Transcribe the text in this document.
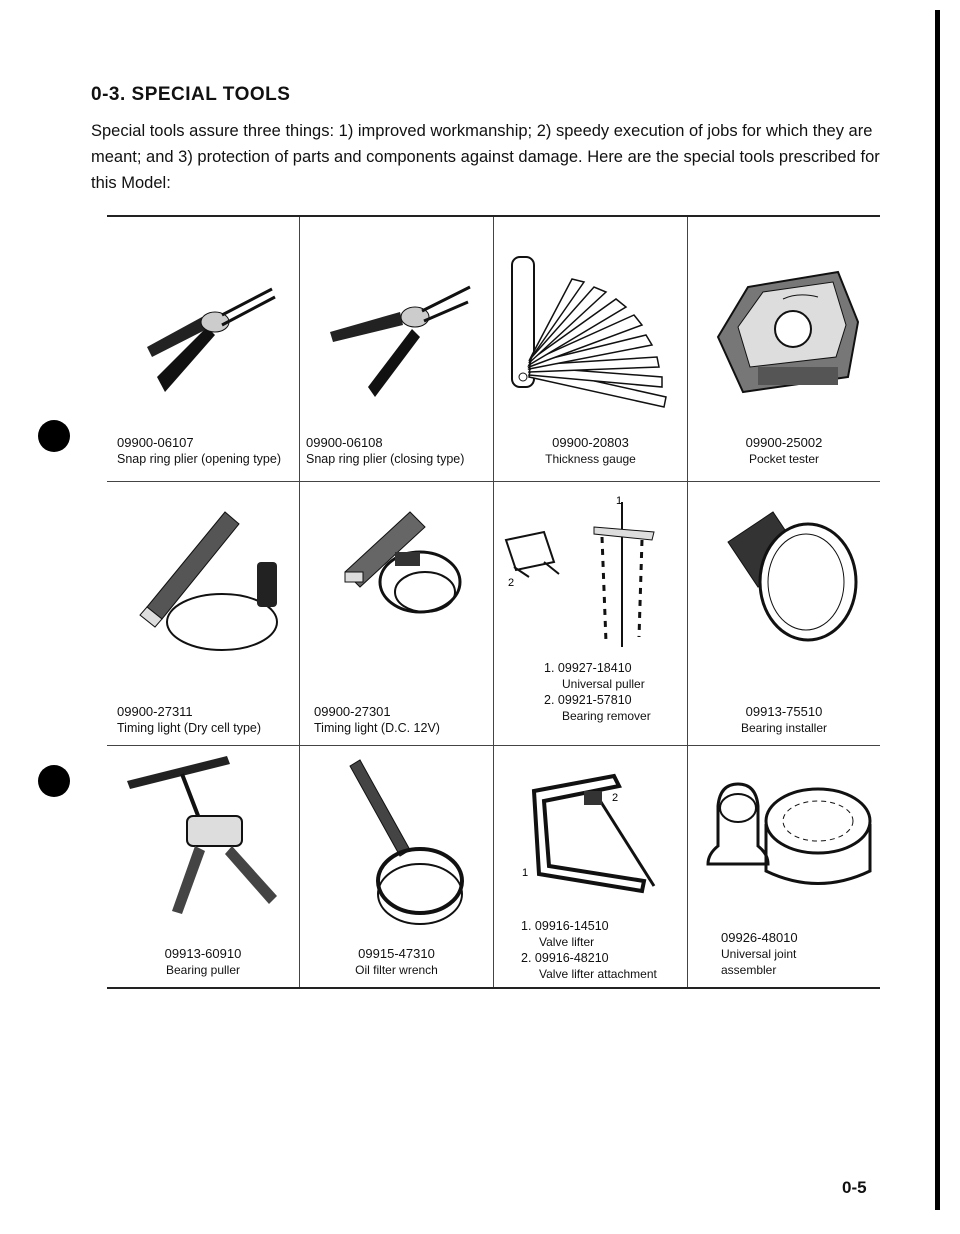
0-3. SPECIAL TOOLS
Special tools assure three things: 1) improved workmanship; 2) speedy execution of jobs for which they are meant; and 3) protection of parts and components against damage. Here are the special tools prescribed for this Model:
09900-06107
Snap ring plier (opening type)
09900-06108
Snap ring plier (closing type)
09900-20803
Thickness gauge
09900-25002
Pocket tester
09900-27311
Timing light (Dry cell type)
09900-27301
Timing light (D.C. 12V)
1
2
1. 09927-18410
Universal puller
2. 09921-57810
Bearing remover	09913-75510
Bearing installer
09913-60910
Bearing puller
09915-47310
Oil filter wrench
2
1
1. 09916-14510
Valve lifter
2. 09916-48210
Valve lifter attachment
09926-48010
Universal joint
assembler
0-5
